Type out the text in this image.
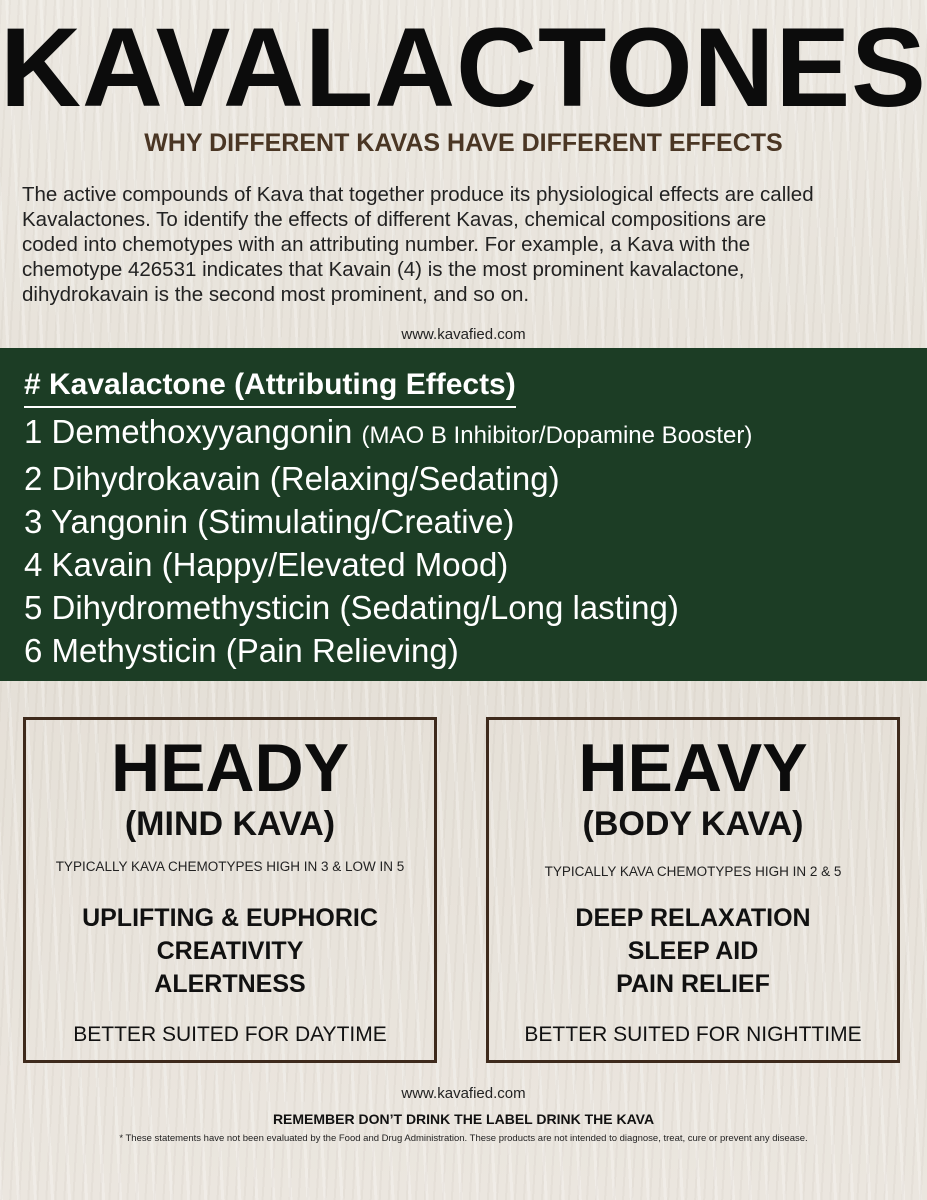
KAVALACTONES
WHY DIFFERENT KAVAS HAVE DIFFERENT EFFECTS
The active compounds of Kava that together produce its physiological effects are called
Kavalactones. To identify the effects of different Kavas, chemical compositions are
coded into chemotypes with an attributing number. For example, a Kava with the
chemotype 426531 indicates that Kavain (4) is the most prominent kavalactone,
dihydrokavain is the second most prominent, and so on.
www.kavafied.com
# Kavalactone (Attributing Effects)
1 Demethoxyyangonin (MAO B Inhibitor/Dopamine Booster)
2 Dihydrokavain (Relaxing/Sedating)
3 Yangonin (Stimulating/Creative)
4 Kavain (Happy/Elevated Mood)
5 Dihydromethysticin (Sedating/Long lasting)
6 Methysticin (Pain Relieving)
HEADY
(MIND KAVA)
TYPICALLY KAVA CHEMOTYPES HIGH IN 3 & LOW IN 5
UPLIFTING & EUPHORIC
CREATIVITY
ALERTNESS
BETTER SUITED FOR DAYTIME
HEAVY
(BODY KAVA)
TYPICALLY KAVA CHEMOTYPES HIGH IN 2 & 5
DEEP RELAXATION
SLEEP AID
PAIN RELIEF
BETTER SUITED FOR NIGHTTIME
www.kavafied.com
REMEMBER DON’T DRINK THE LABEL DRINK THE KAVA
* These statements have not been evaluated by the Food and Drug Administration. These products are not intended to diagnose, treat, cure or prevent any disease.
